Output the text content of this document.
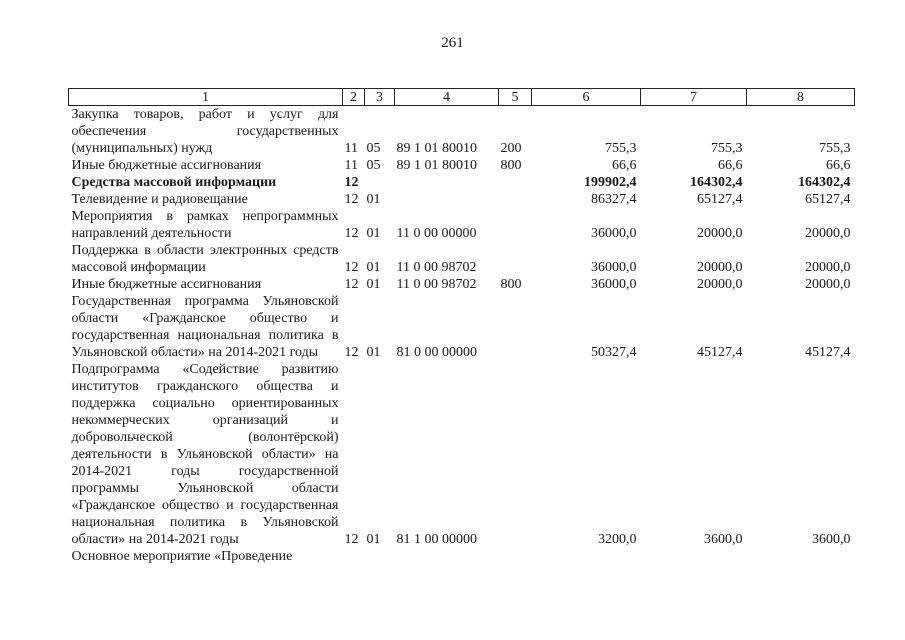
261
1	2	3	4	5	6	7	8
Закупка товаров, работ и услуг для обеспечения государственных (муниципальных) нужд	11	05	89 1 01 80010	200	755,3	755,3	755,3
Иные бюджетные ассигнования	11	05	89 1 01 80010	800	66,6	66,6	66,6
Средства массовой информации	12				199902,4	164302,4	164302,4
Телевидение и радиовещание	12	01			86327,4	65127,4	65127,4
Мероприятия в рамках непрограммных направлений деятельности	12	01	11 0 00 00000		36000,0	20000,0	20000,0
Поддержка в области электронных средств массовой информации	12	01	11 0 00 98702		36000,0	20000,0	20000,0
Иные бюджетные ассигнования	12	01	11 0 00 98702	800	36000,0	20000,0	20000,0
Государственная программа Ульяновской области «Гражданское общество и государственная национальная политика в Ульяновской области» на 2014-2021 годы	12	01	81 0 00 00000		50327,4	45127,4	45127,4
Подпрограмма «Содействие развитию институтов гражданского общества и поддержка социально ориентированных некоммерческих организаций и добровольческой (волонтёрской) деятельности в Ульяновской области» на 2014-2021 годы государственной программы Ульяновской области «Гражданское общество и государственная национальная политика в Ульяновской области» на 2014-2021 годы	12	01	81 1 00 00000		3200,0	3600,0	3600,0
Основное мероприятие «Проведение							
